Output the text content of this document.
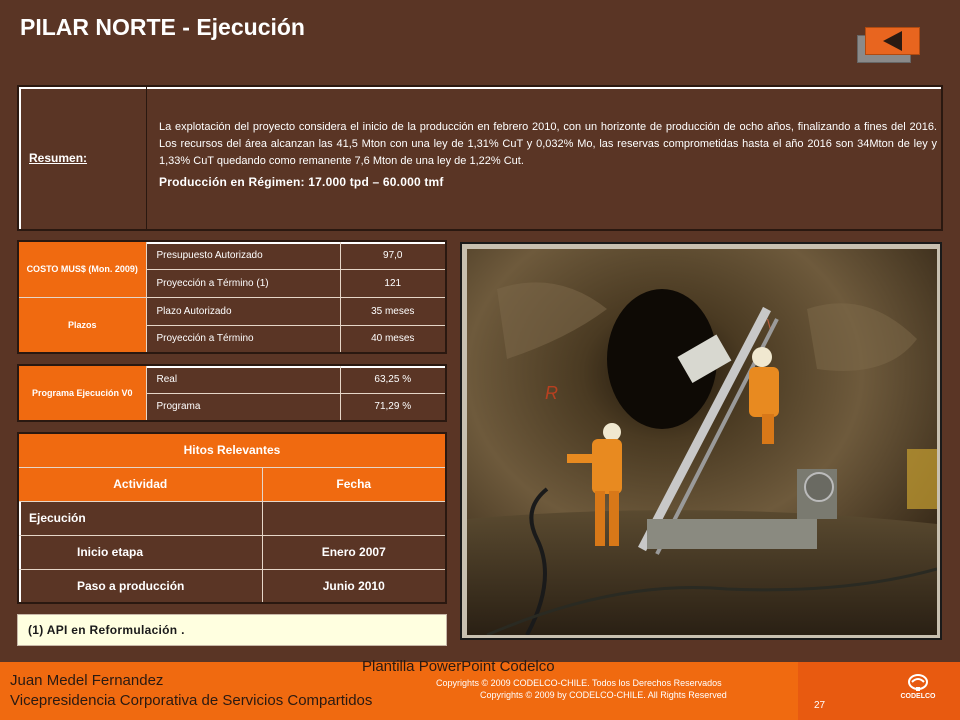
PILAR NORTE - Ejecución
Resumen:
La explotación del proyecto considera el inicio de la producción en febrero 2010, con un horizonte de producción de ocho años, finalizando a fines del 2016. Los recursos del área alcanzan las 41,5 Mton con una ley de 1,31% CuT y 0,032% Mo, las reservas comprometidas hasta el año 2016 son 34Mton de ley y 1,33% CuT quedando como remanente 7,6 Mton de una ley de 1,22% Cut.
Producción en Régimen: 17.000 tpd – 60.000 tmf
COSTO MUS$ (Mon. 2009)	Presupuesto Autorizado	97,0
	Proyección a Término (1)	121
Plazos	Plazo Autorizado	35 meses
	Proyección a Término	40 meses
Programa Ejecución V0	Real	63,25 %
	Programa	71,29 %
Hitos Relevantes	
Actividad	Fecha
Ejecución	
Inicio etapa	Enero 2007
Paso a producción	Junio 2010
(1) API en Reformulación .
R
\
Plantilla PowerPoint Codelco
Juan Medel Fernandez
Vicepresidencia Corporativa de Servicios Compartidos
Copyrights © 2009 CODELCO-CHILE. Todos los Derechos Reservados
Copyrights © 2009 by CODELCO-CHILE. All Rights Reserved
27
CODELCO
